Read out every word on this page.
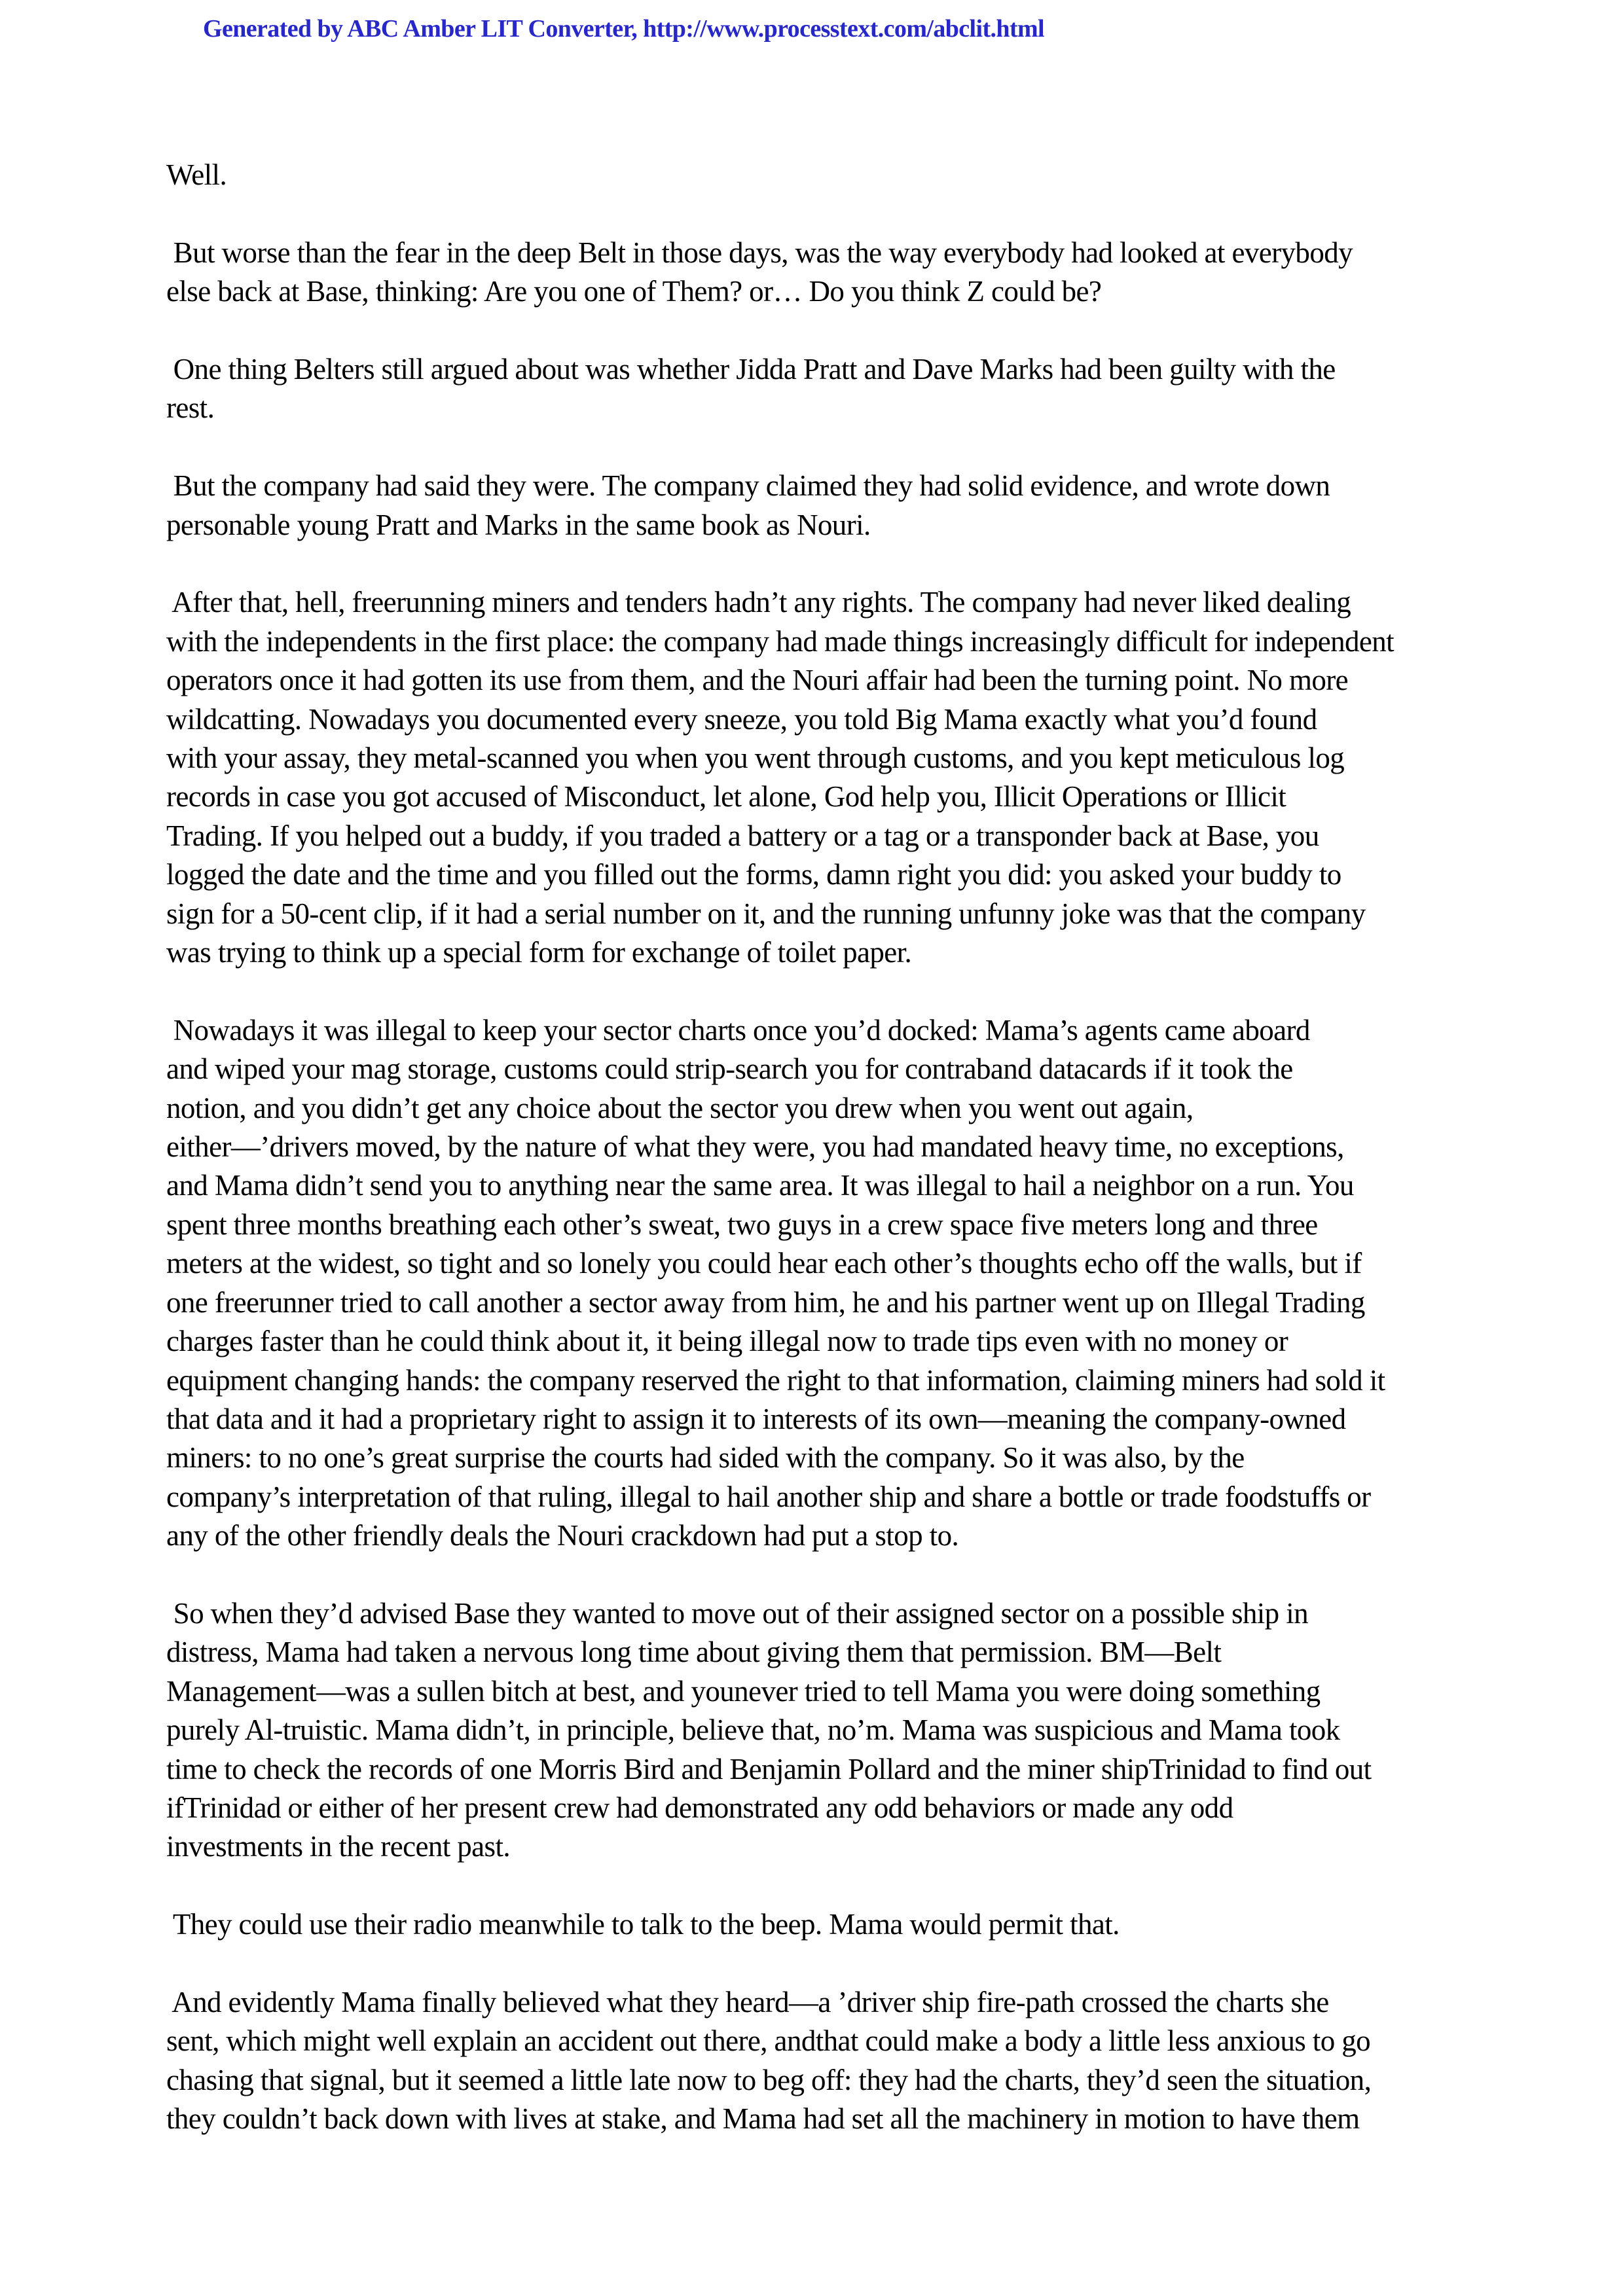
Generated by ABC Amber LIT Converter, http://www.processtext.com/abclit.html

Well.

But worse than the fear in the deep Belt in those days, was the way everybody had looked at everybody
else back at Base, thinking: Are you one of Them? or… Do you think Z could be?

One thing Belters still argued about was whether Jidda Pratt and Dave Marks had been guilty with the
rest.

But the company had said they were. The company claimed they had solid evidence, and wrote down
personable young Pratt and Marks in the same book as Nouri.

After that, hell, freerunning miners and tenders hadn’t any rights. The company had never liked dealing
with the independents in the first place: the company had made things increasingly difficult for independent
operators once it had gotten its use from them, and the Nouri affair had been the turning point. No more
wildcatting. Nowadays you documented every sneeze, you told Big Mama exactly what you’d found
with your assay, they metal-scanned you when you went through customs, and you kept meticulous log
records in case you got accused of Misconduct, let alone, God help you, Illicit Operations or Illicit
Trading. If you helped out a buddy, if you traded a battery or a tag or a transponder back at Base, you
logged the date and the time and you filled out the forms, damn right you did: you asked your buddy to
sign for a 50-cent clip, if it had a serial number on it, and the running unfunny joke was that the company
was trying to think up a special form for exchange of toilet paper.

Nowadays it was illegal to keep your sector charts once you’d docked: Mama’s agents came aboard
and wiped your mag storage, customs could strip-search you for contraband datacards if it took the
notion, and you didn’t get any choice about the sector you drew when you went out again,
either—’drivers moved, by the nature of what they were, you had mandated heavy time, no exceptions,
and Mama didn’t send you to anything near the same area. It was illegal to hail a neighbor on a run. You
spent three months breathing each other’s sweat, two guys in a crew space five meters long and three
meters at the widest, so tight and so lonely you could hear each other’s thoughts echo off the walls, but if
one freerunner tried to call another a sector away from him, he and his partner went up on Illegal Trading
charges faster than he could think about it, it being illegal now to trade tips even with no money or
equipment changing hands: the company reserved the right to that information, claiming miners had sold it
that data and it had a proprietary right to assign it to interests of its own—meaning the company-owned
miners: to no one’s great surprise the courts had sided with the company. So it was also, by the
company’s interpretation of that ruling, illegal to hail another ship and share a bottle or trade foodstuffs or
any of the other friendly deals the Nouri crackdown had put a stop to.

So when they’d advised Base they wanted to move out of their assigned sector on a possible ship in
distress, Mama had taken a nervous long time about giving them that permission. BM—Belt
Management—was a sullen bitch at best, and younever tried to tell Mama you were doing something
purely Al-truistic. Mama didn’t, in principle, believe that, no’m. Mama was suspicious and Mama took
time to check the records of one Morris Bird and Benjamin Pollard and the miner shipTrinidad to find out
ifTrinidad or either of her present crew had demonstrated any odd behaviors or made any odd
investments in the recent past.

They could use their radio meanwhile to talk to the beep. Mama would permit that.

And evidently Mama finally believed what they heard—a ’driver ship fire-path crossed the charts she
sent, which might well explain an accident out there, andthat could make a body a little less anxious to go
chasing that signal, but it seemed a little late now to beg off: they had the charts, they’d seen the situation,
they couldn’t back down with lives at stake, and Mama had set all the machinery in motion to have them
